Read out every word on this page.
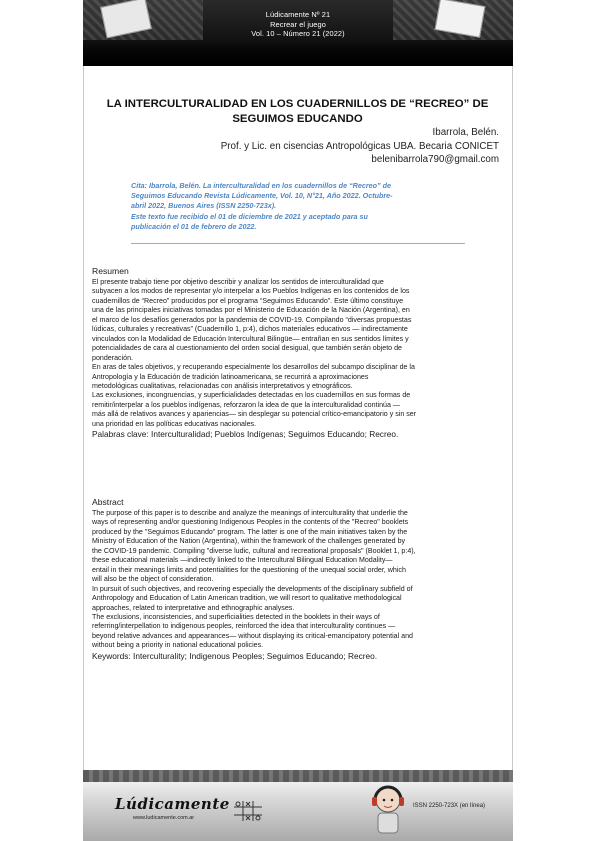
Lúdicamente Nº 21
Recrear el juego
Vol. 10 – Número 21 (2022)
LA INTERCULTURALIDAD EN LOS CUADERNILLOS DE “RECREO” DE
SEGUIMOS EDUCANDO
Ibarrola, Belén.
Prof. y Lic. en cisencias Antropológicas UBA. Becaria CONICET
belenibarrola790@gmail.com
Cita: Ibarrola, Belén. La interculturalidad en los cuadernillos de “Recreo” de
Seguimos Educando Revista Lúdicamente, Vol. 10, N°21, Año 2022. Octubre-
abril 2022, Buenos Aires (ISSN 2250-723x).
Este texto fue recibido el 01 de diciembre de 2021 y aceptado para su
publicación el 01 de febrero de 2022.
Resumen
El presente trabajo tiene por objetivo describir y analizar los sentidos de interculturalidad que
subyacen a los modos de representar y/o interpelar a los Pueblos Indígenas en los contenidos de los
cuadernillos de “Recreo” producidos por el programa “Seguimos Educando”. Este último constituye
una de las principales iniciativas tomadas por el Ministerio de Educación de la Nación (Argentina), en
el marco de los desafíos generados por la pandemia de COVID-19. Compilando “diversas propuestas
lúdicas, culturales y recreativas” (Cuadernillo 1, p:4), dichos materiales educativos — indirectamente
vinculados con la Modalidad de Educación Intercultural Bilingüe— entrañan en sus sentidos límites y
potencialidades de cara al cuestionamiento del orden social desigual, que también serán objeto de
ponderación.
En aras de tales objetivos, y recuperando especialmente los desarrollos del subcampo disciplinar de la
Antropología y la Educación de tradición latinoamericana, se recurrirá a aproximaciones
metodológicas cualitativas, relacionadas con análisis interpretativos y etnográficos.
Las exclusiones, incongruencias, y superficialidades detectadas en los cuadernillos en sus formas de
remitir/interpelar a los pueblos indígenas, reforzaron la idea de que la interculturalidad continúa —
más allá de relativos avances y apariencias— sin desplegar su potencial crítico-emancipatorio y sin ser
una prioridad en las políticas educativas nacionales.
Palabras clave: Interculturalidad; Pueblos Indígenas; Seguimos Educando; Recreo.
Abstract
The purpose of this paper is to describe and analyze the meanings of interculturality that underlie the
ways of representing and/or questioning Indigenous Peoples in the contents of the "Recreo" booklets
produced by the "Seguimos Educando" program. The latter is one of the main initiatives taken by the
Ministry of Education of the Nation (Argentina), within the framework of the challenges generated by
the COVID-19 pandemic. Compiling "diverse ludic, cultural and recreational proposals" (Booklet 1, p:4),
these educational materials —indirectly linked to the Intercultural Bilingual Education Modality—
entail in their meanings limits and potentialities for the questioning of the unequal social order, which
will also be the object of consideration.
In pursuit of such objectives, and recovering especially the developments of the disciplinary subfield of
Anthropology and Education of Latin American tradition, we will resort to qualitative methodological
approaches, related to interpretative and ethnographic analyses.
The exclusions, inconsistencies, and superficialities detected in the booklets in their ways of
referring/interpellation to indigenous peoples, reinforced the idea that interculturality continues —
beyond relative advances and appearances— without displaying its critical-emancipatory potential and
without being a priority in national educational policies.
Keywords: Interculturality; Indigenous Peoples; Seguimos Educando; Recreo.
Lúdicamente
www.ludicamente.com.ar
ISSN 2250-723X (en línea)
